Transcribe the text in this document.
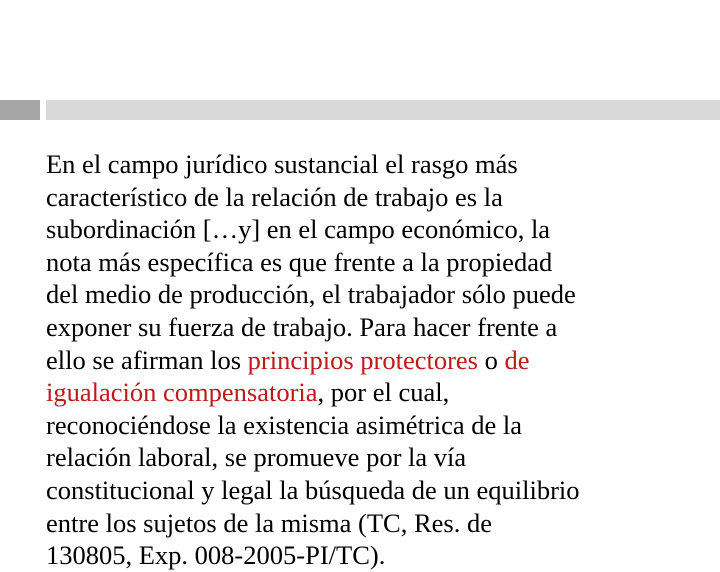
En el campo jurídico sustancial el rasgo más
característico de la relación de trabajo es la
subordinación […y] en el campo económico, la
nota más específica es que frente a la propiedad
del medio de producción, el trabajador sólo puede
exponer su fuerza de trabajo. Para hacer frente a
ello se afirman los principios protectores o de
igualación compensatoria, por el cual,
reconociéndose la existencia asimétrica de la
relación laboral, se promueve por la vía
constitucional y legal la búsqueda de un equilibrio
entre los sujetos de la misma (TC, Res. de
130805, Exp. 008-2005-PI/TC).
